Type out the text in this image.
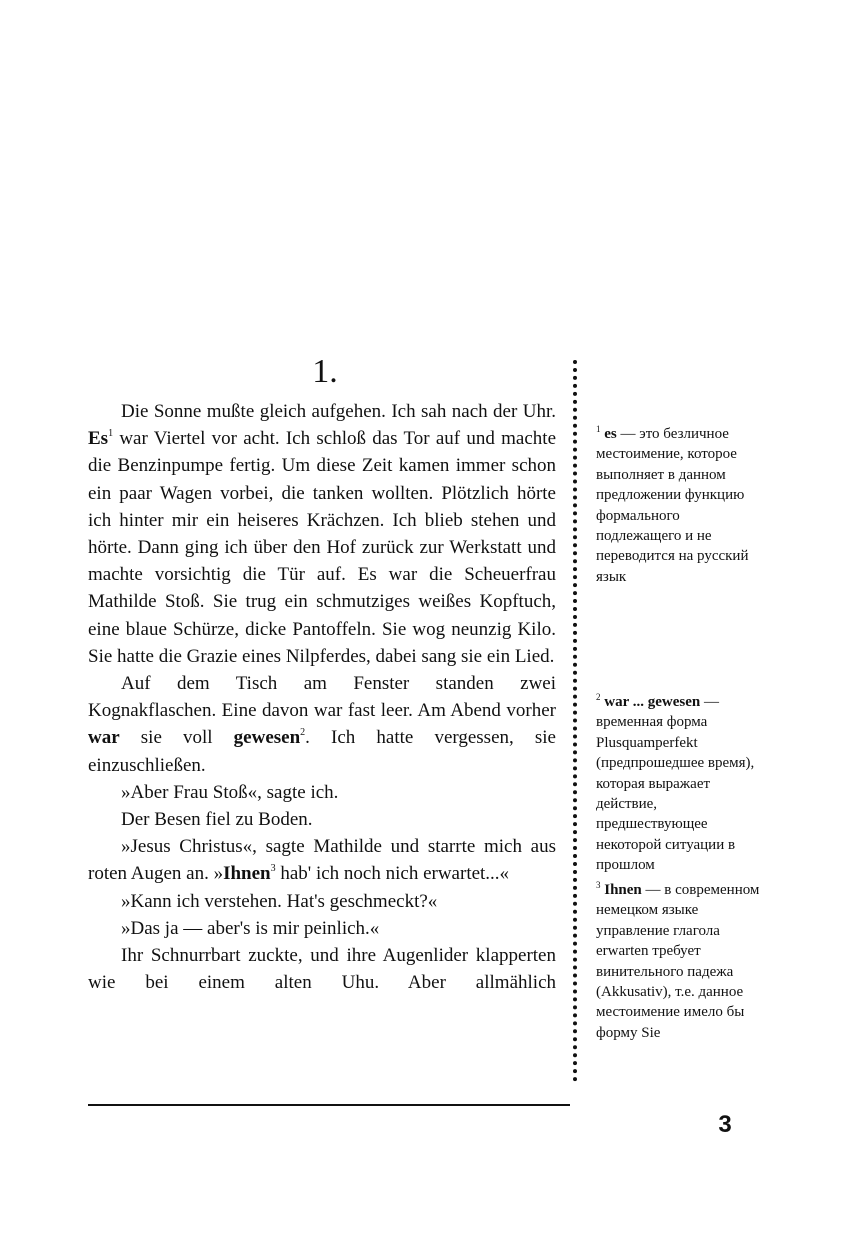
1.

Die Sonne mußte gleich aufgehen. Ich sah nach der Uhr. Es$^1$ war Viertel vor acht. Ich schloß das Tor auf und machte die Benzinpumpe fertig. Um diese Zeit kamen immer schon ein paar Wagen vorbei, die tanken wollten. Plötzlich hörte ich hinter mir ein heiseres Krächzen. Ich blieb stehen und hörte. Dann ging ich über den Hof zurück zur Werkstatt und machte vorsichtig die Tür auf. Es war die Scheuerfrau Mathilde Stoß. Sie trug ein schmutziges weißes Kopftuch, eine blaue Schürze, dicke Pantoffeln. Sie wog neunzig Kilo. Sie hatte die Grazie eines Nilpferdes, dabei sang sie ein Lied.

Auf dem Tisch am Fenster standen zwei Kognakflaschen. Eine davon war fast leer. Am Abend vorher war sie voll gewesen$^2$. Ich hatte vergessen, sie einzuschließen.

»Aber Frau Stoß«, sagte ich.

Der Besen fiel zu Boden.

»Jesus Christus«, sagte Mathilde und starrte mich aus roten Augen an. »Ihnen$^3$ hab' ich noch nich erwartet...«

»Kann ich verstehen. Hat's geschmeckt?«

»Das ja — aber's is mir peinlich.«

Ihr Schnurrbart zuckte, und ihre Augenlider klapperten wie bei einem alten Uhu. Aber allmählich

$^1$ es — это безличное местоимение, которое выполняет в данном предложении функцию формального подлежащего и не переводится на русский язык

$^2$ war ... gewesen — временная форма Plusquamperfekt (предпрошедшее время), которая выражает действие, предшествующее некоторой ситуации в прошлом

$^3$ Ihnen — в современном немецком языке управление глагола erwarten требует винительного падежа (Akkusativ), т.е. данное местоимение имело бы форму Sie

3
